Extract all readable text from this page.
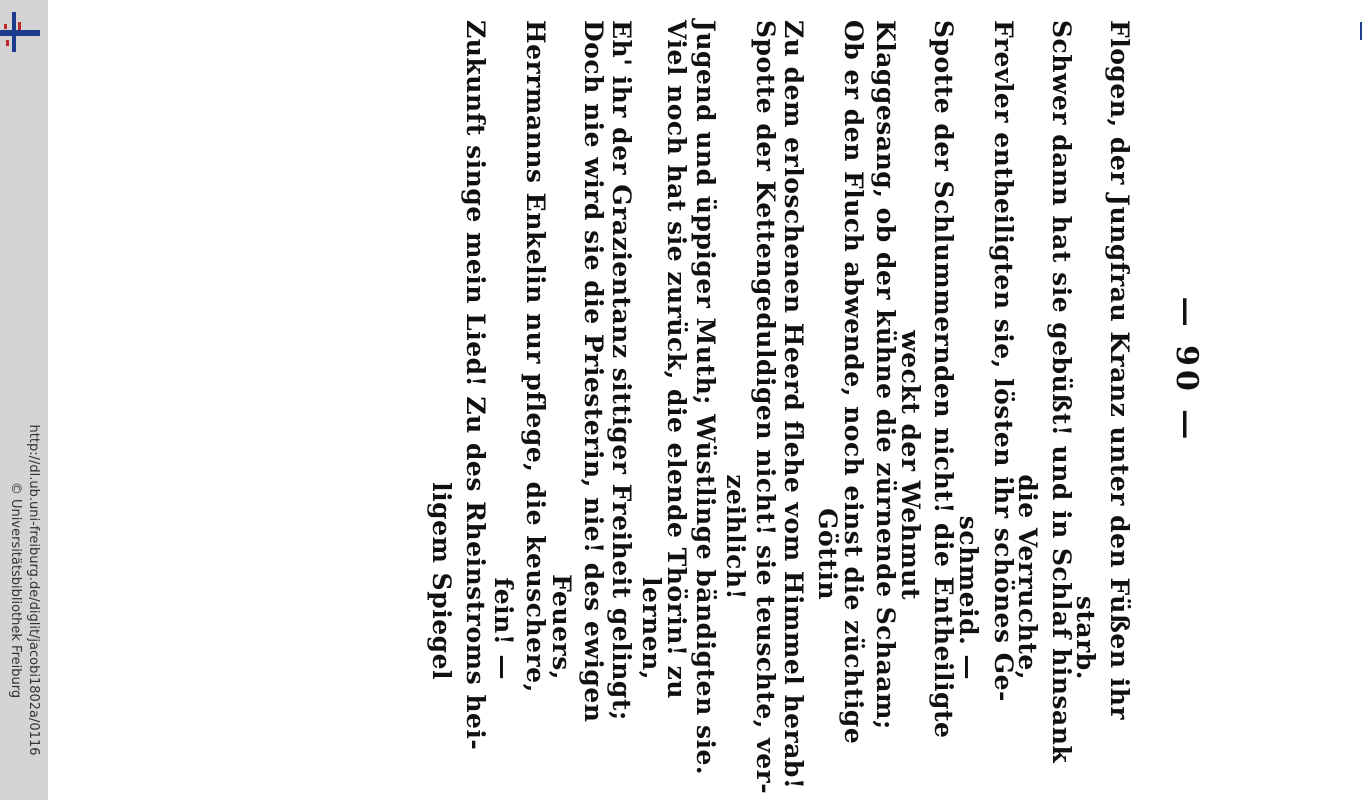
http://dl.ub.uni-freiburg.de/diglit/jacobi1802a/0116
© Universitätsbibliothek Freiburg
— 90 —
Flogen, der Jungfrau Kranz unter den Füßen ihr
starb.
Schwer dann hat sie gebüßt! und in Schlaf hinsank
die Verruchte,
Frevler entheiligten sie, lösten ihr schönes Ge-
schmeid. —
Spotte der Schlummernden nicht! die Entheiligte
weckt der Wehmut
Klaggesang, ob der kühne die zürnende Schaam;
Ob er den Fluch abwende, noch einst die züchtige
Göttin
Zu dem erloschenen Heerd flehe vom Himmel herab!
Spotte der Kettengeduldigen nicht! sie teuschte, ver-
zeihlich!
Jugend und üppiger Muth; Wüstlinge bändigten sie.
Viel noch hat sie zurück, die elende Thörin! zu
lernen,
Eh' ihr der Grazientanz sittiger Freiheit gelingt;
Doch nie wird sie die Priesterin, nie! des ewigen
Feuers,
Herrmanns Enkelin nur pflege, die keuschere,
fein! —
Zukunft singe mein Lied! Zu des Rheinstroms hei-
ligem Spiegel
